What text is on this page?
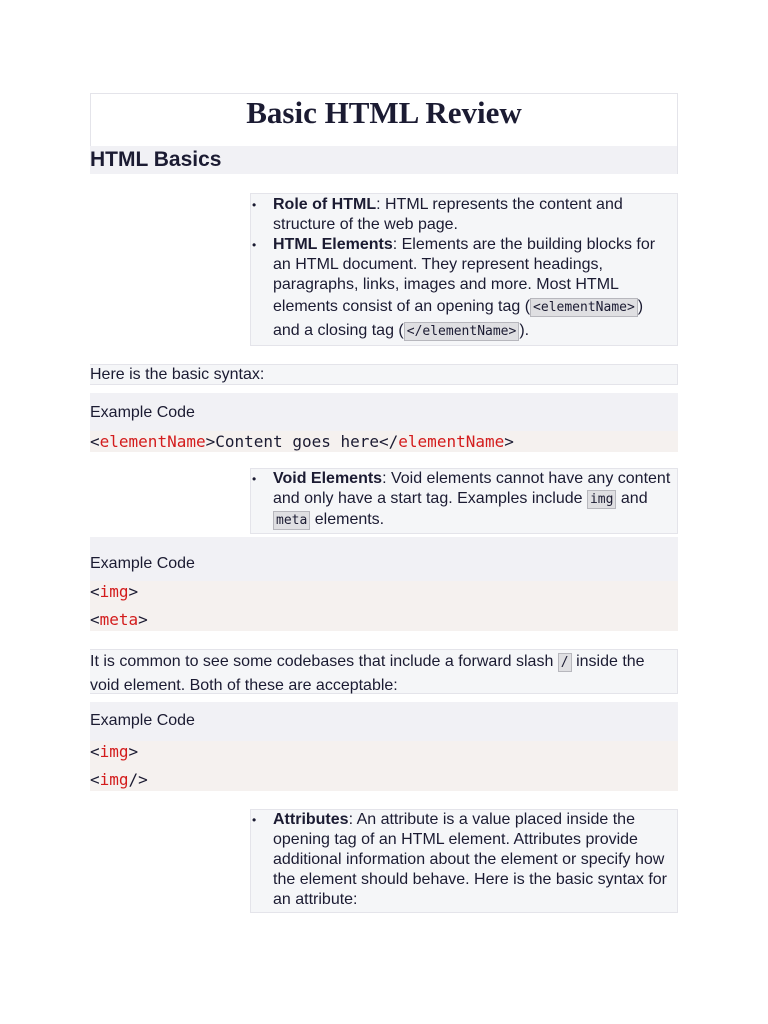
Basic HTML Review
HTML Basics
• Role of HTML: HTML represents the content and structure of the web page.
• HTML Elements: Elements are the building blocks for an HTML document. They represent headings, paragraphs, links, images and more. Most HTML elements consist of an opening tag ( <elementName> ) and a closing tag ( </elementName> ).
Here is the basic syntax:
Example Code
<elementName>Content goes here</elementName>
• Void Elements: Void elements cannot have any content and only have a start tag. Examples include img and meta elements.
Example Code
<img>
<meta>
It is common to see some codebases that include a forward slash / inside the void element. Both of these are acceptable:
Example Code
<img>
<img/>
• Attributes: An attribute is a value placed inside the opening tag of an HTML element. Attributes provide additional information about the element or specify how the element should behave. Here is the basic syntax for an attribute:
